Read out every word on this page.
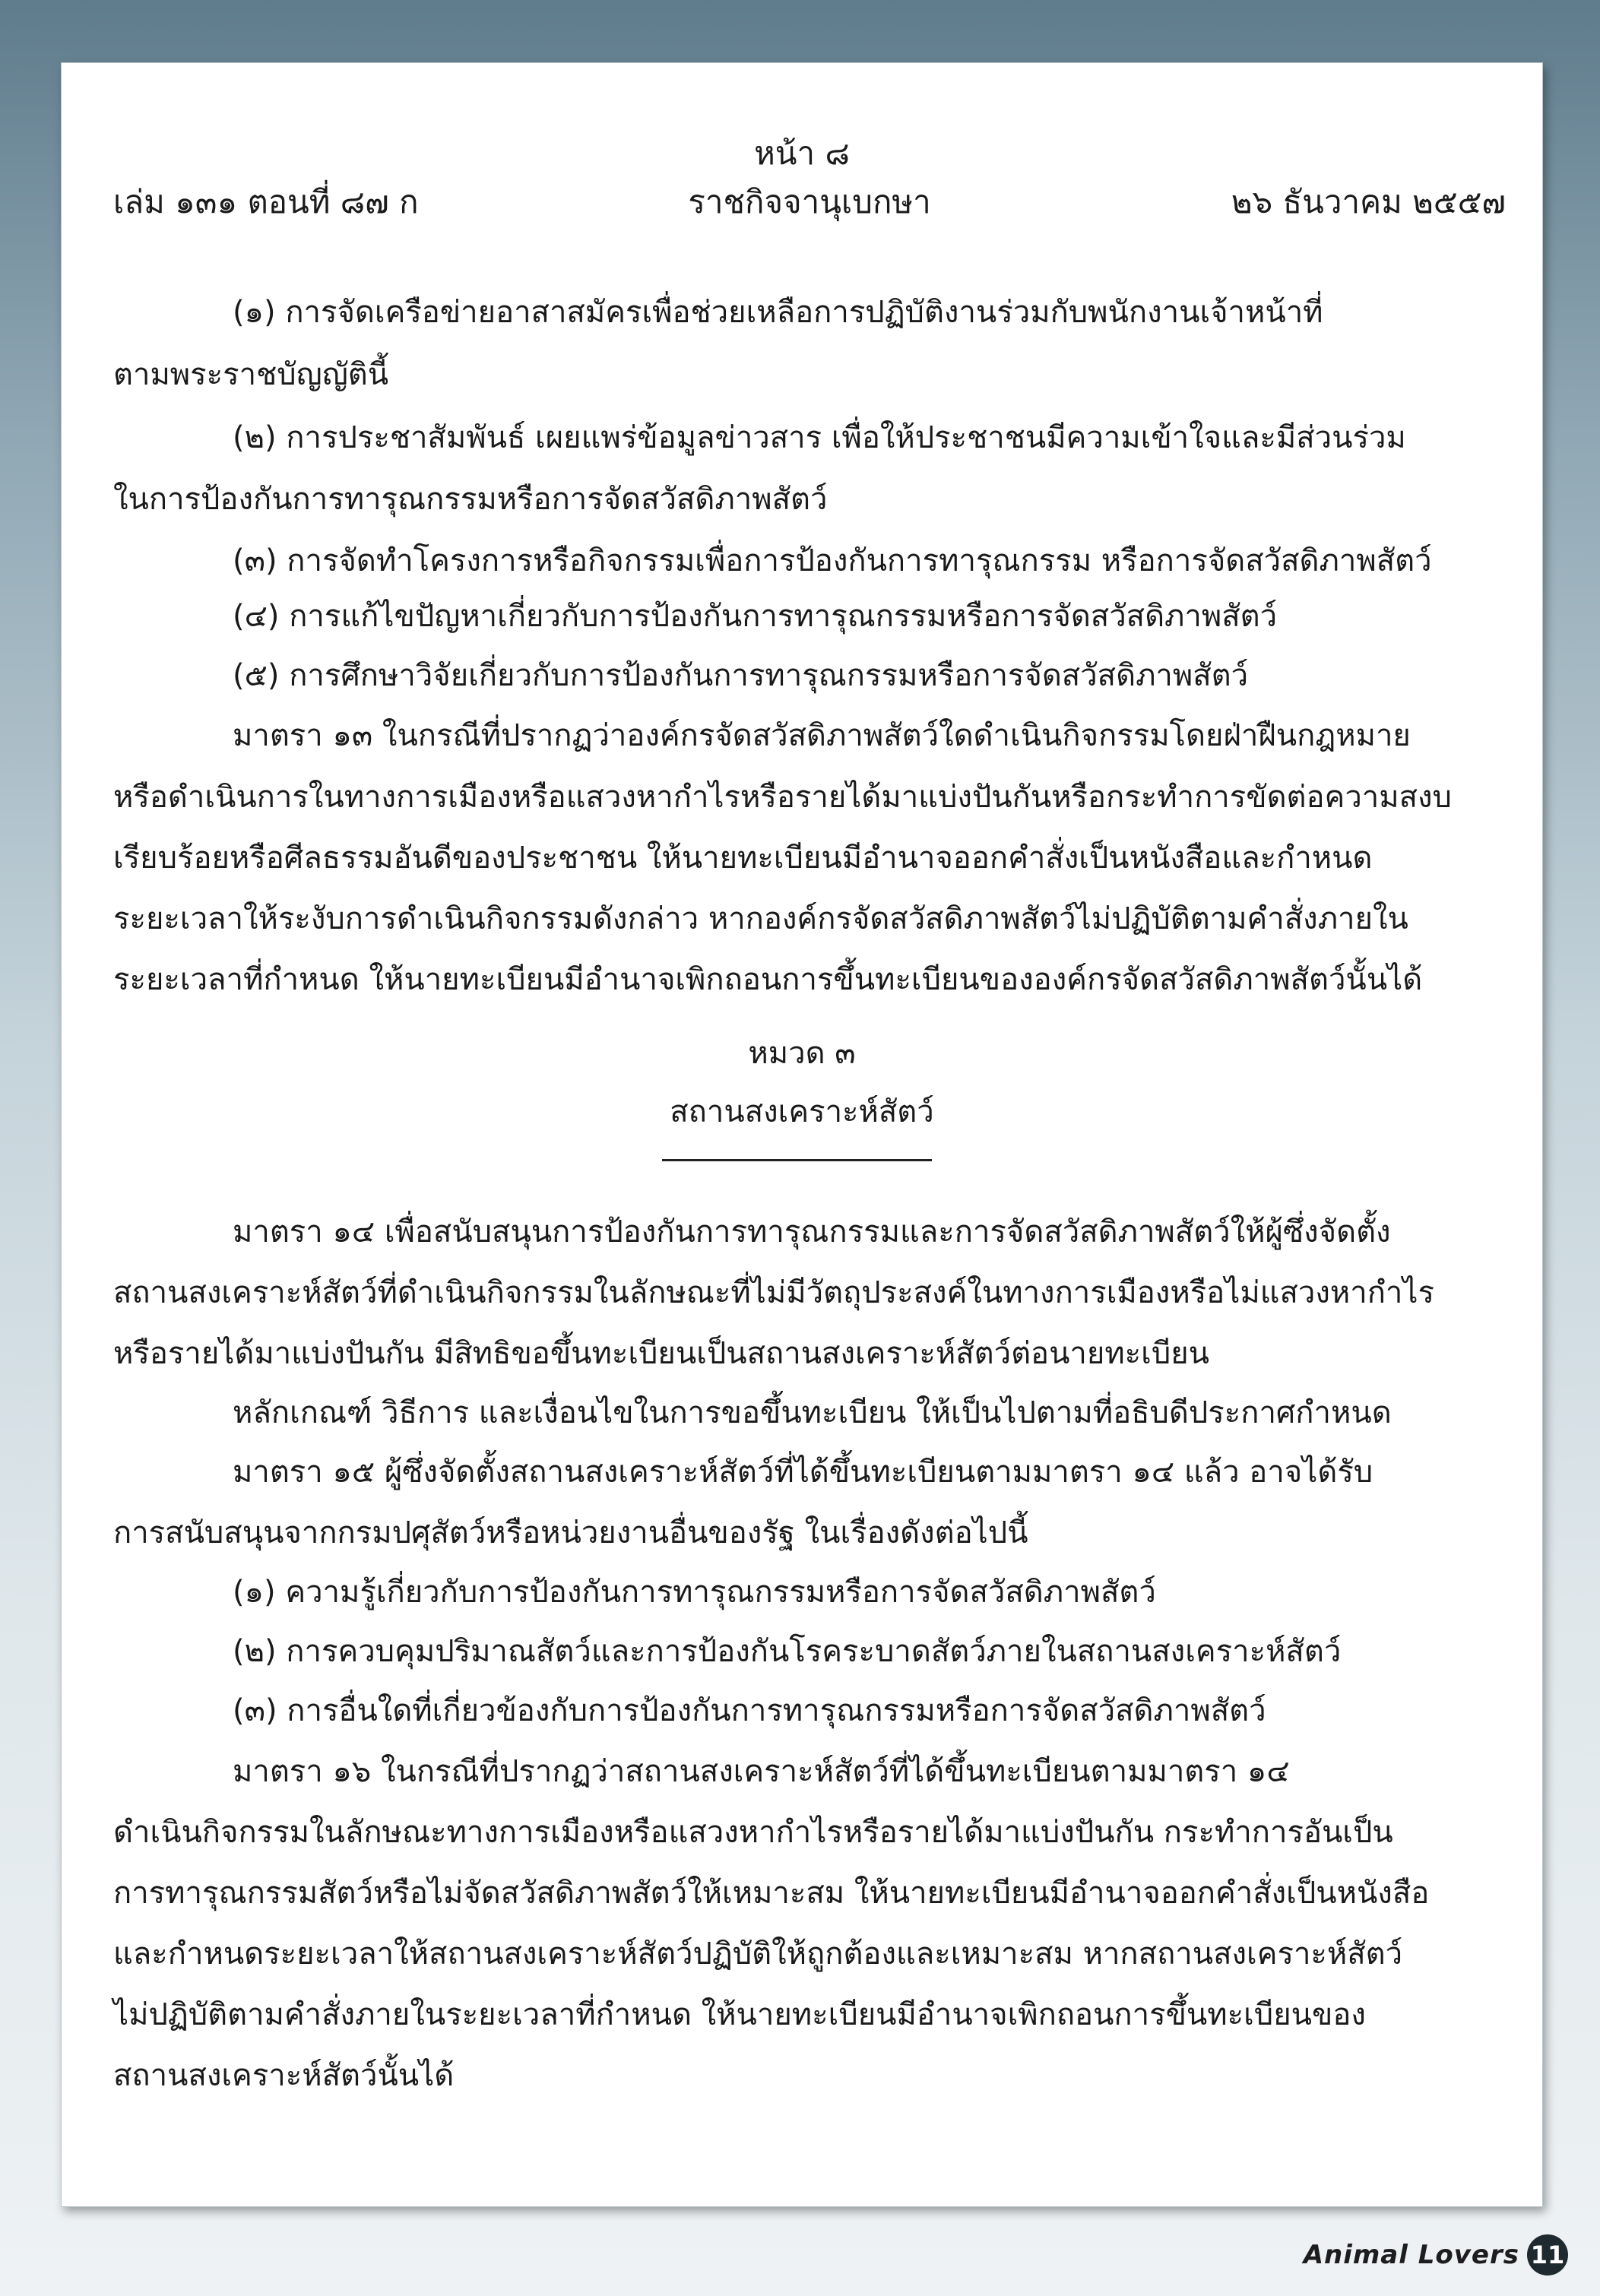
หน้า ๘
เล่ม ๑๓๑ ตอนที่ ๘๗ ก	ราชกิจจานุเบกษา	๒๖ ธันวาคม ๒๕๕๗
(๑) การจัดเครือข่ายอาสาสมัครเพื่อช่วยเหลือการปฏิบัติงานร่วมกับพนักงานเจ้าหน้าที่
ตามพระราชบัญญัตินี้
(๒) การประชาสัมพันธ์ เผยแพร่ข้อมูลข่าวสาร เพื่อให้ประชาชนมีความเข้าใจและมีส่วนร่วม
ในการป้องกันการทารุณกรรมหรือการจัดสวัสดิภาพสัตว์
(๓) การจัดทำโครงการหรือกิจกรรมเพื่อการป้องกันการทารุณกรรม หรือการจัดสวัสดิภาพสัตว์
(๔) การแก้ไขปัญหาเกี่ยวกับการป้องกันการทารุณกรรมหรือการจัดสวัสดิภาพสัตว์
(๕) การศึกษาวิจัยเกี่ยวกับการป้องกันการทารุณกรรมหรือการจัดสวัสดิภาพสัตว์
มาตรา ๑๓ ในกรณีที่ปรากฏว่าองค์กรจัดสวัสดิภาพสัตว์ใดดำเนินกิจกรรมโดยฝ่าฝืนกฎหมาย
หรือดำเนินการในทางการเมืองหรือแสวงหากำไรหรือรายได้มาแบ่งปันกันหรือกระทำการขัดต่อความสงบ
เรียบร้อยหรือศีลธรรมอันดีของประชาชน ให้นายทะเบียนมีอำนาจออกคำสั่งเป็นหนังสือและกำหนด
ระยะเวลาให้ระงับการดำเนินกิจกรรมดังกล่าว หากองค์กรจัดสวัสดิภาพสัตว์ไม่ปฏิบัติตามคำสั่งภายใน
ระยะเวลาที่กำหนด ให้นายทะเบียนมีอำนาจเพิกถอนการขึ้นทะเบียนขององค์กรจัดสวัสดิภาพสัตว์นั้นได้
หมวด ๓
สถานสงเคราะห์สัตว์
มาตรา ๑๔ เพื่อสนับสนุนการป้องกันการทารุณกรรมและการจัดสวัสดิภาพสัตว์ให้ผู้ซึ่งจัดตั้ง
สถานสงเคราะห์สัตว์ที่ดำเนินกิจกรรมในลักษณะที่ไม่มีวัตถุประสงค์ในทางการเมืองหรือไม่แสวงหากำไร
หรือรายได้มาแบ่งปันกัน มีสิทธิขอขึ้นทะเบียนเป็นสถานสงเคราะห์สัตว์ต่อนายทะเบียน
หลักเกณฑ์ วิธีการ และเงื่อนไขในการขอขึ้นทะเบียน ให้เป็นไปตามที่อธิบดีประกาศกำหนด
มาตรา ๑๕ ผู้ซึ่งจัดตั้งสถานสงเคราะห์สัตว์ที่ได้ขึ้นทะเบียนตามมาตรา ๑๔ แล้ว อาจได้รับ
การสนับสนุนจากกรมปศุสัตว์หรือหน่วยงานอื่นของรัฐ ในเรื่องดังต่อไปนี้
(๑) ความรู้เกี่ยวกับการป้องกันการทารุณกรรมหรือการจัดสวัสดิภาพสัตว์
(๒) การควบคุมปริมาณสัตว์และการป้องกันโรคระบาดสัตว์ภายในสถานสงเคราะห์สัตว์
(๓) การอื่นใดที่เกี่ยวข้องกับการป้องกันการทารุณกรรมหรือการจัดสวัสดิภาพสัตว์
มาตรา ๑๖ ในกรณีที่ปรากฏว่าสถานสงเคราะห์สัตว์ที่ได้ขึ้นทะเบียนตามมาตรา ๑๔
ดำเนินกิจกรรมในลักษณะทางการเมืองหรือแสวงหากำไรหรือรายได้มาแบ่งปันกัน กระทำการอันเป็น
การทารุณกรรมสัตว์หรือไม่จัดสวัสดิภาพสัตว์ให้เหมาะสม ให้นายทะเบียนมีอำนาจออกคำสั่งเป็นหนังสือ
และกำหนดระยะเวลาให้สถานสงเคราะห์สัตว์ปฏิบัติให้ถูกต้องและเหมาะสม หากสถานสงเคราะห์สัตว์
ไม่ปฏิบัติตามคำสั่งภายในระยะเวลาที่กำหนด ให้นายทะเบียนมีอำนาจเพิกถอนการขึ้นทะเบียนของ
สถานสงเคราะห์สัตว์นั้นได้
Animal Lovers 11
